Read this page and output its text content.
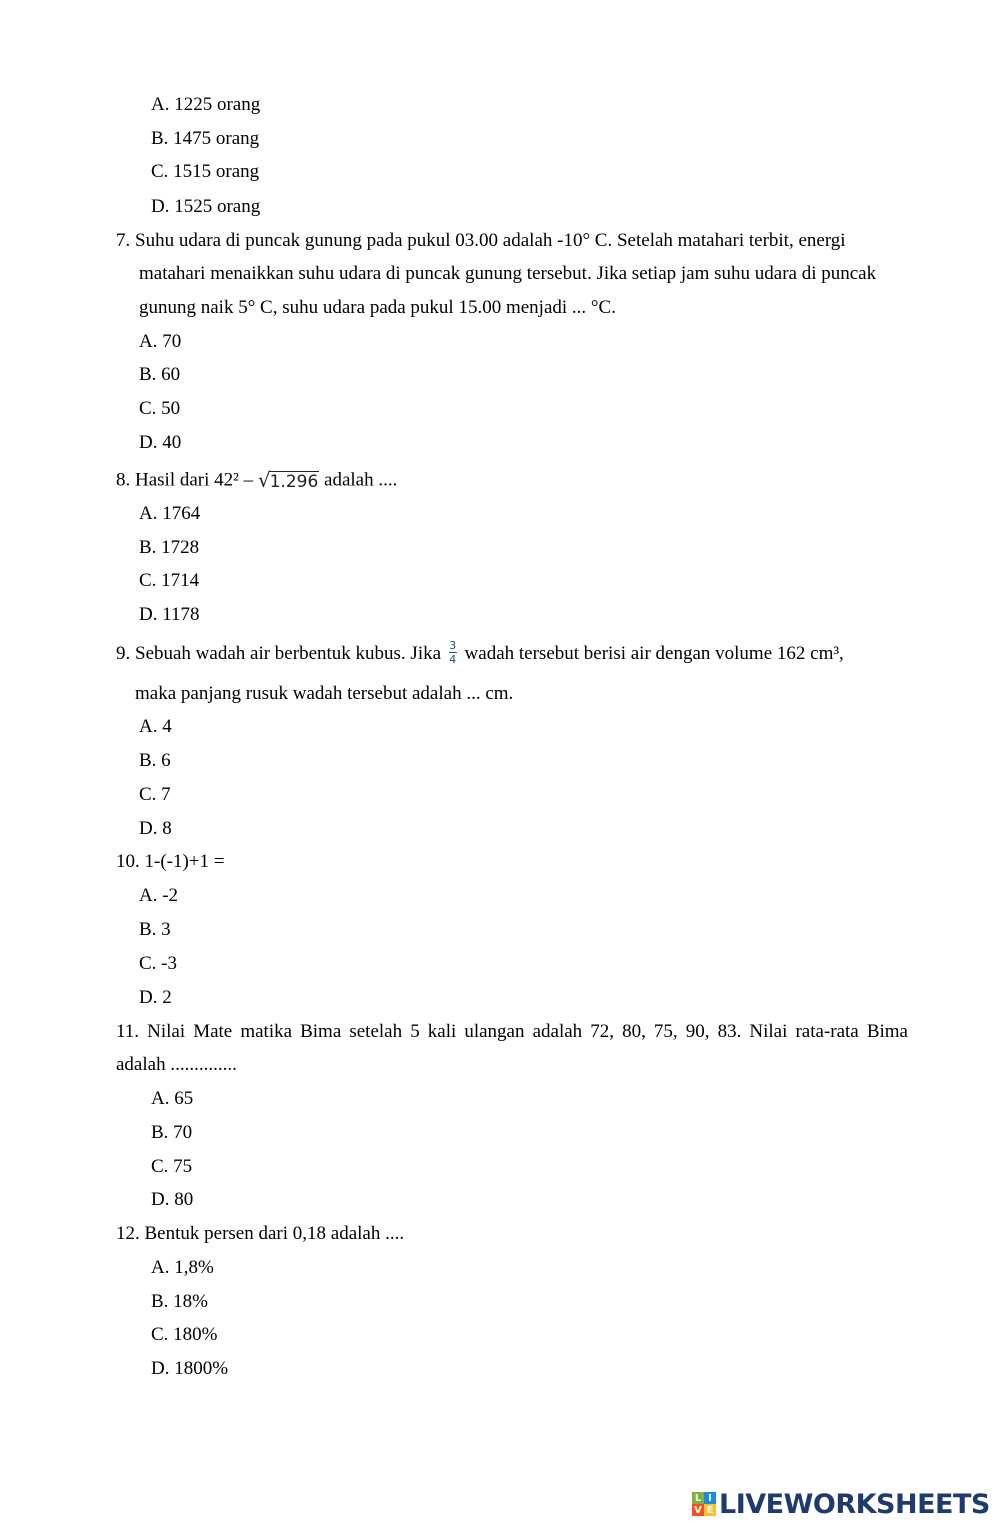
A. 1225 orang
B. 1475 orang
C. 1515 orang
D. 1525 orang
7. Suhu udara di puncak gunung pada pukul 03.00 adalah -10° C. Setelah matahari terbit, energi
matahari menaikkan suhu udara di puncak gunung tersebut. Jika setiap jam suhu udara di puncak
gunung naik 5° C, suhu udara pada pukul 15.00 menjadi ... °C.
A. 70
B. 60
C. 50
D. 40
8. Hasil dari 42² – √1.296 adalah ....
A. 1764
B. 1728
C. 1714
D. 1178
9. Sebuah wadah air berbentuk kubus. Jika $\frac{3}{4}$ wadah tersebut berisi air dengan volume 162 cm³,
maka panjang rusuk wadah tersebut adalah ... cm.
A. 4
B. 6
C. 7
D. 8
10. 1-(-1)+1 =
A. -2
B. 3
C. -3
D. 2
11. Nilai Mate matika Bima setelah 5 kali ulangan adalah 72, 80, 75, 90, 83. Nilai rata-rata Bima
adalah ..............
A. 65
B. 70
C. 75
D. 80
12. Bentuk persen dari 0,18 adalah ....
A. 1,8%
B. 18%
C. 180%
D. 1800%
L I
V E LIVEWORKSHEETS
